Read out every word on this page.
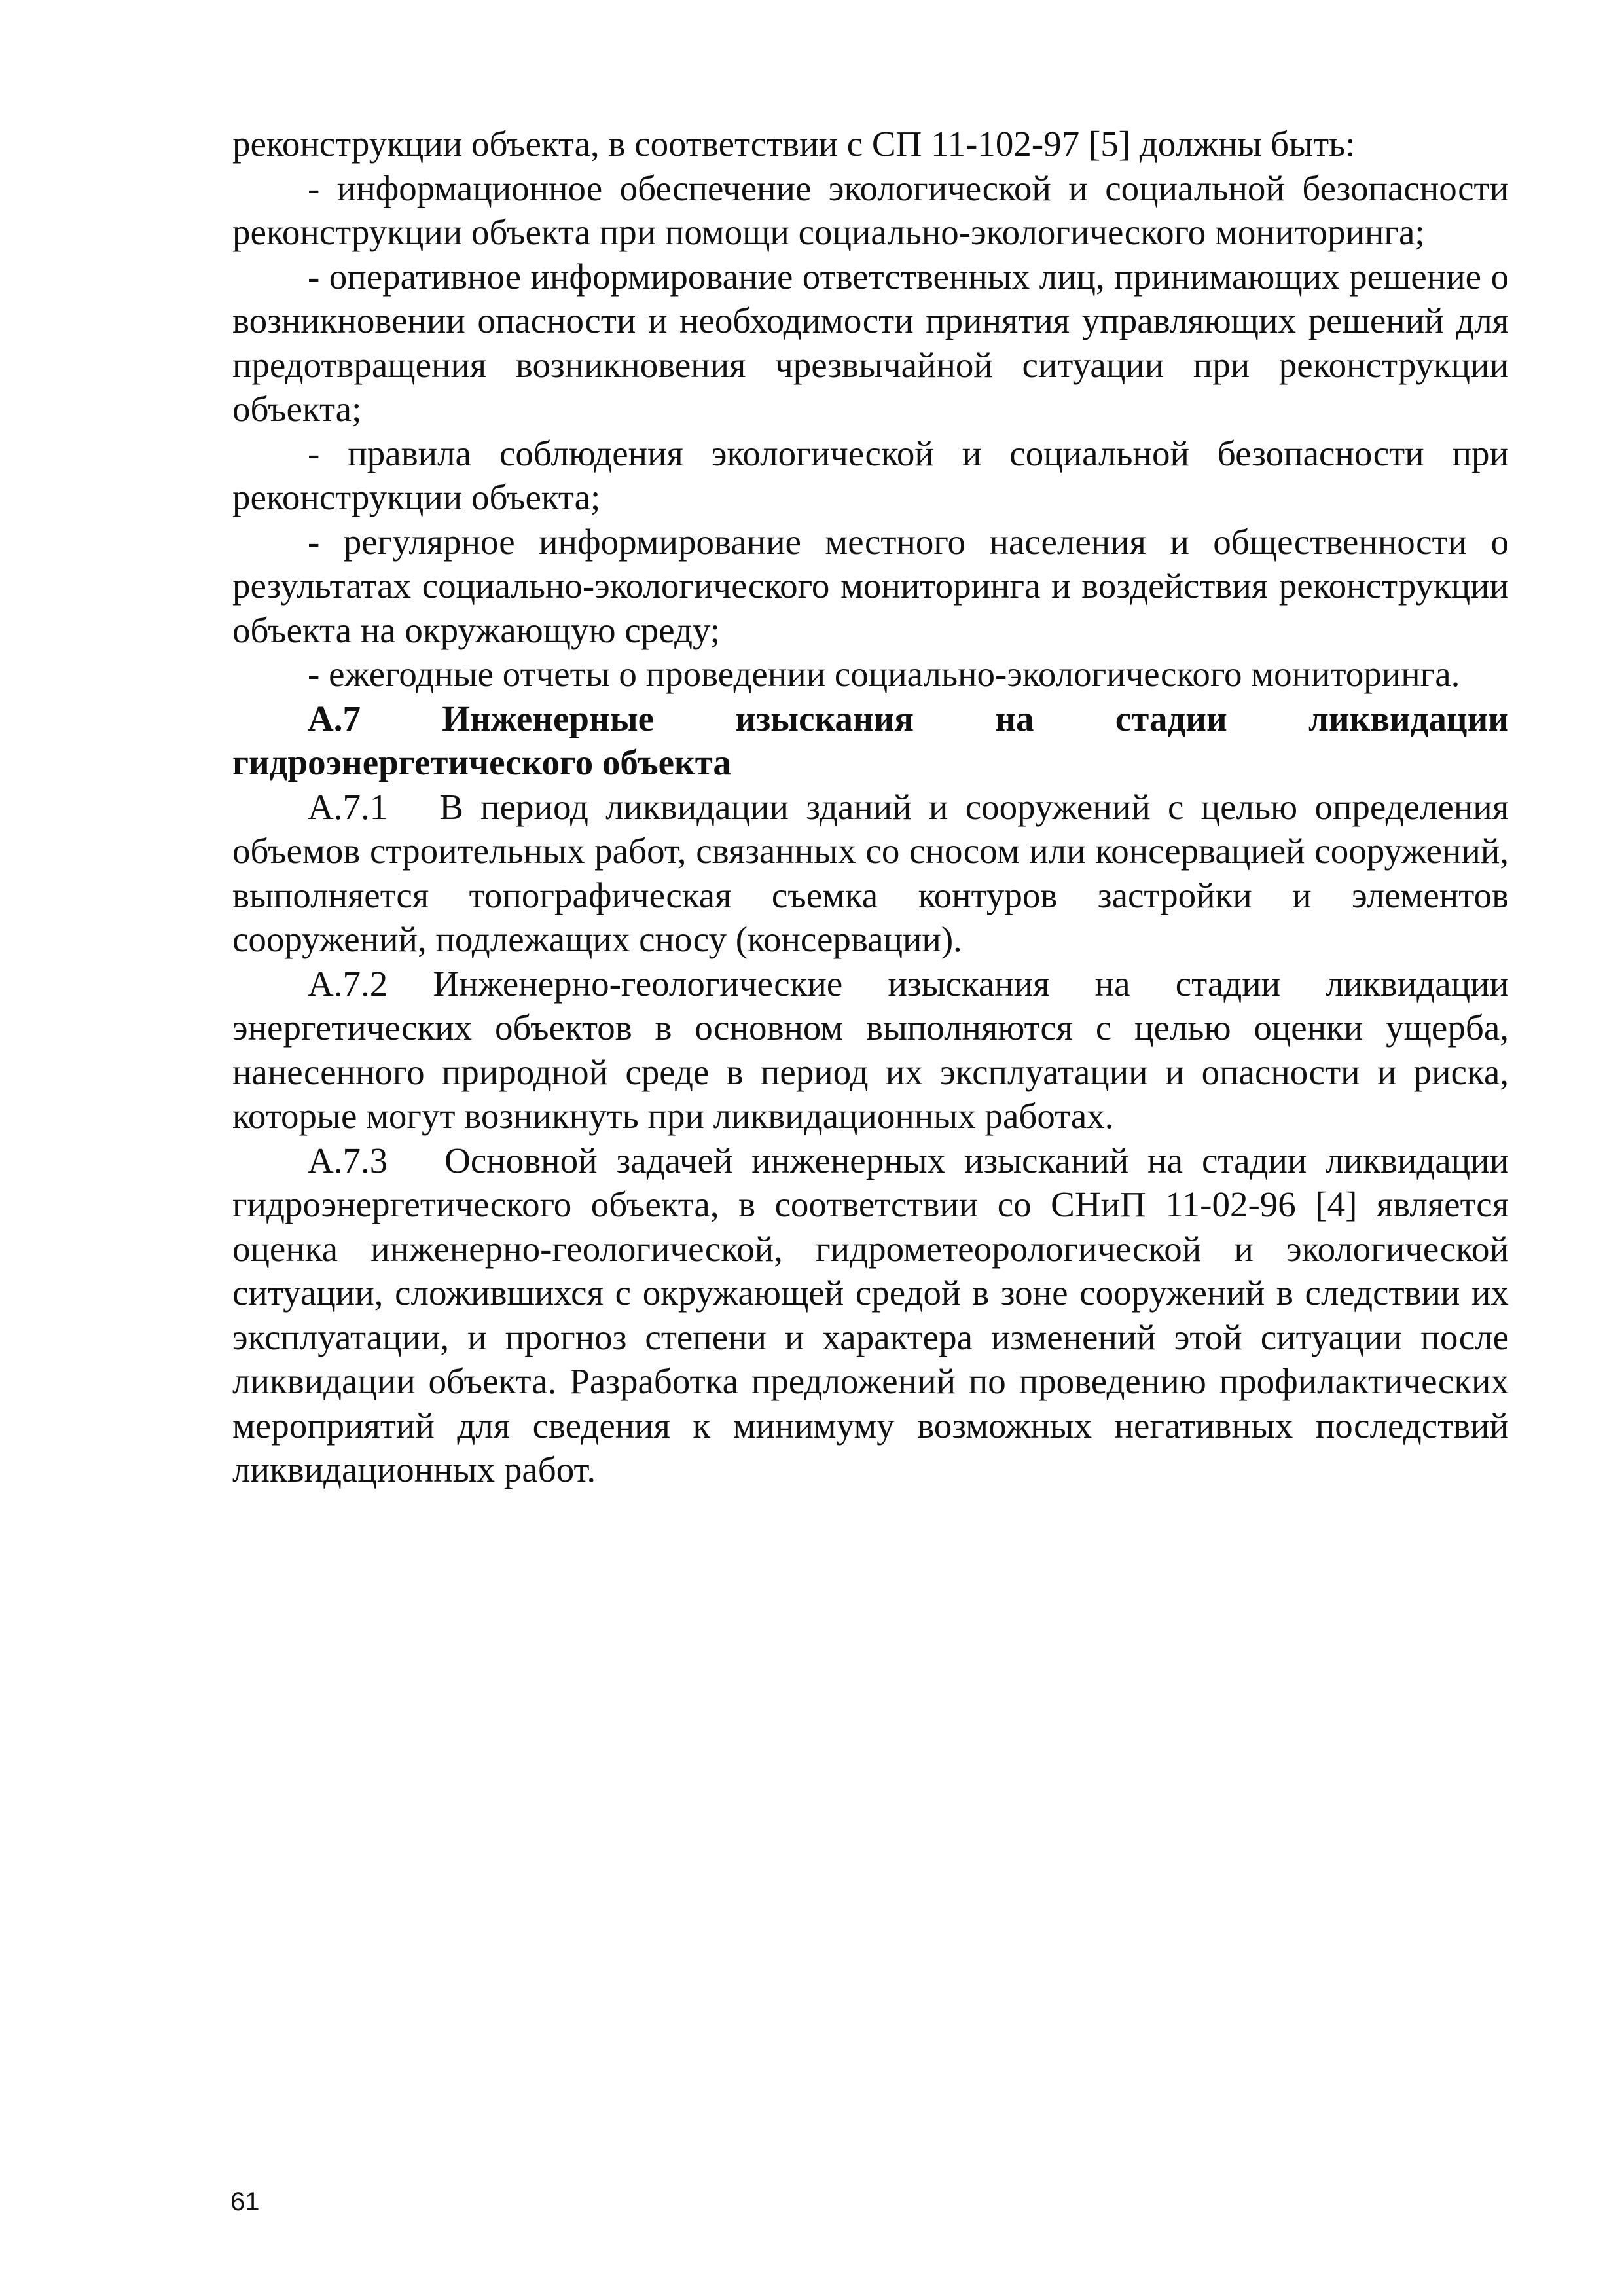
реконструкции объекта, в соответствии с СП 11-102-97 [5] должны быть:

- информационное обеспечение экологической и социальной безопасности реконструкции объекта при помощи социально-экологического мониторинга;

- оперативное информирование ответственных лиц, принимающих решение о возникновении опасности и необходимости принятия управляющих решений для предотвращения возникновения чрезвычайной ситуации при реконструкции объекта;

- правила соблюдения экологической и социальной безопасности при реконструкции объекта;

- регулярное информирование местного населения и общественности о результатах социально-экологического мониторинга и воздействия реконструкции объекта на окружающую среду;

- ежегодные отчеты о проведении социально-экологического мониторинга.

А.7 Инженерные изыскания на стадии ликвидации гидроэнергетического объекта

А.7.1 В период ликвидации зданий и сооружений с целью определения объемов строительных работ, связанных со сносом или консервацией сооружений, выполняется топографическая съемка контуров застройки и элементов сооружений, подлежащих сносу (консервации).

А.7.2 Инженерно-геологические изыскания на стадии ликвидации энергетических объектов в основном выполняются с целью оценки ущерба, нанесенного природной среде в период их эксплуатации и опасности и риска, которые могут возникнуть при ликвидационных работах.

А.7.3 Основной задачей инженерных изысканий на стадии ликвидации гидроэнергетического объекта, в соответствии со СНиП 11-02-96 [4] является оценка инженерно-геологической, гидрометеорологической и экологической ситуации, сложившихся с окружающей средой в зоне сооружений в следствии их эксплуатации, и прогноз степени и характера изменений этой ситуации после ликвидации объекта. Разработка предложений по проведению профилактических мероприятий для сведения к минимуму возможных негативных последствий ликвидационных работ.

61
